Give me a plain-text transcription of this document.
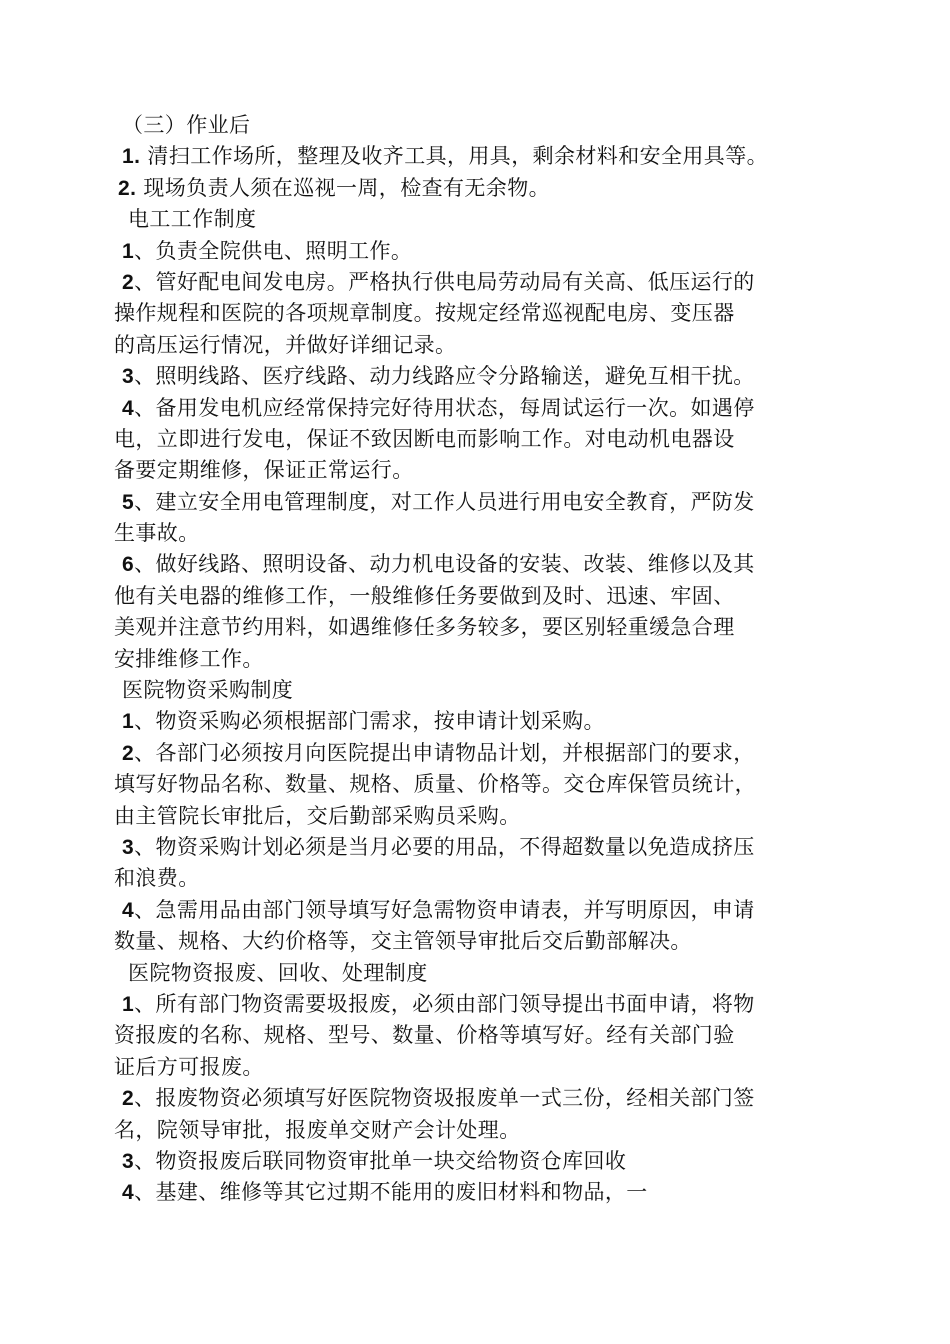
（三）作业后
1. 清扫工作场所，整理及收齐工具，用具，剩余材料和安全用具等。
2. 现场负责人须在巡视一周，检查有无余物。
电工工作制度
1、负责全院供电、照明工作。
2、管好配电间发电房。严格执行供电局劳动局有关高、低压运行的
操作规程和医院的各项规章制度。按规定经常巡视配电房、变压器
的高压运行情况，并做好详细记录。
3、照明线路、医疗线路、动力线路应令分路输送，避免互相干扰。
4、备用发电机应经常保持完好待用状态，每周试运行一次。如遇停
电，立即进行发电，保证不致因断电而影响工作。对电动机电器设
备要定期维修，保证正常运行。
5、建立安全用电管理制度，对工作人员进行用电安全教育，严防发
生事故。
6、做好线路、照明设备、动力机电设备的安装、改装、维修以及其
他有关电器的维修工作，一般维修任务要做到及时、迅速、牢固、
美观并注意节约用料，如遇维修任多务较多，要区别轻重缓急合理
安排维修工作。
医院物资采购制度
1、物资采购必须根据部门需求，按申请计划采购。
2、各部门必须按月向医院提出申请物品计划，并根据部门的要求，
填写好物品名称、数量、规格、质量、价格等。交仓库保管员统计，
由主管院长审批后，交后勤部采购员采购。
3、物资采购计划必须是当月必要的用品，不得超数量以免造成挤压
和浪费。
4、急需用品由部门领导填写好急需物资申请表，并写明原因，申请
数量、规格、大约价格等，交主管领导审批后交后勤部解决。
医院物资报废、回收、处理制度
1、所有部门物资需要圾报废，必须由部门领导提出书面申请，将物
资报废的名称、规格、型号、数量、价格等填写好。经有关部门验
证后方可报废。
2、报废物资必须填写好医院物资圾报废单一式三份，经相关部门签
名，院领导审批，报废单交财产会计处理。
3、物资报废后联同物资审批单一块交给物资仓库回收
4、基建、维修等其它过期不能用的废旧材料和物品，一
